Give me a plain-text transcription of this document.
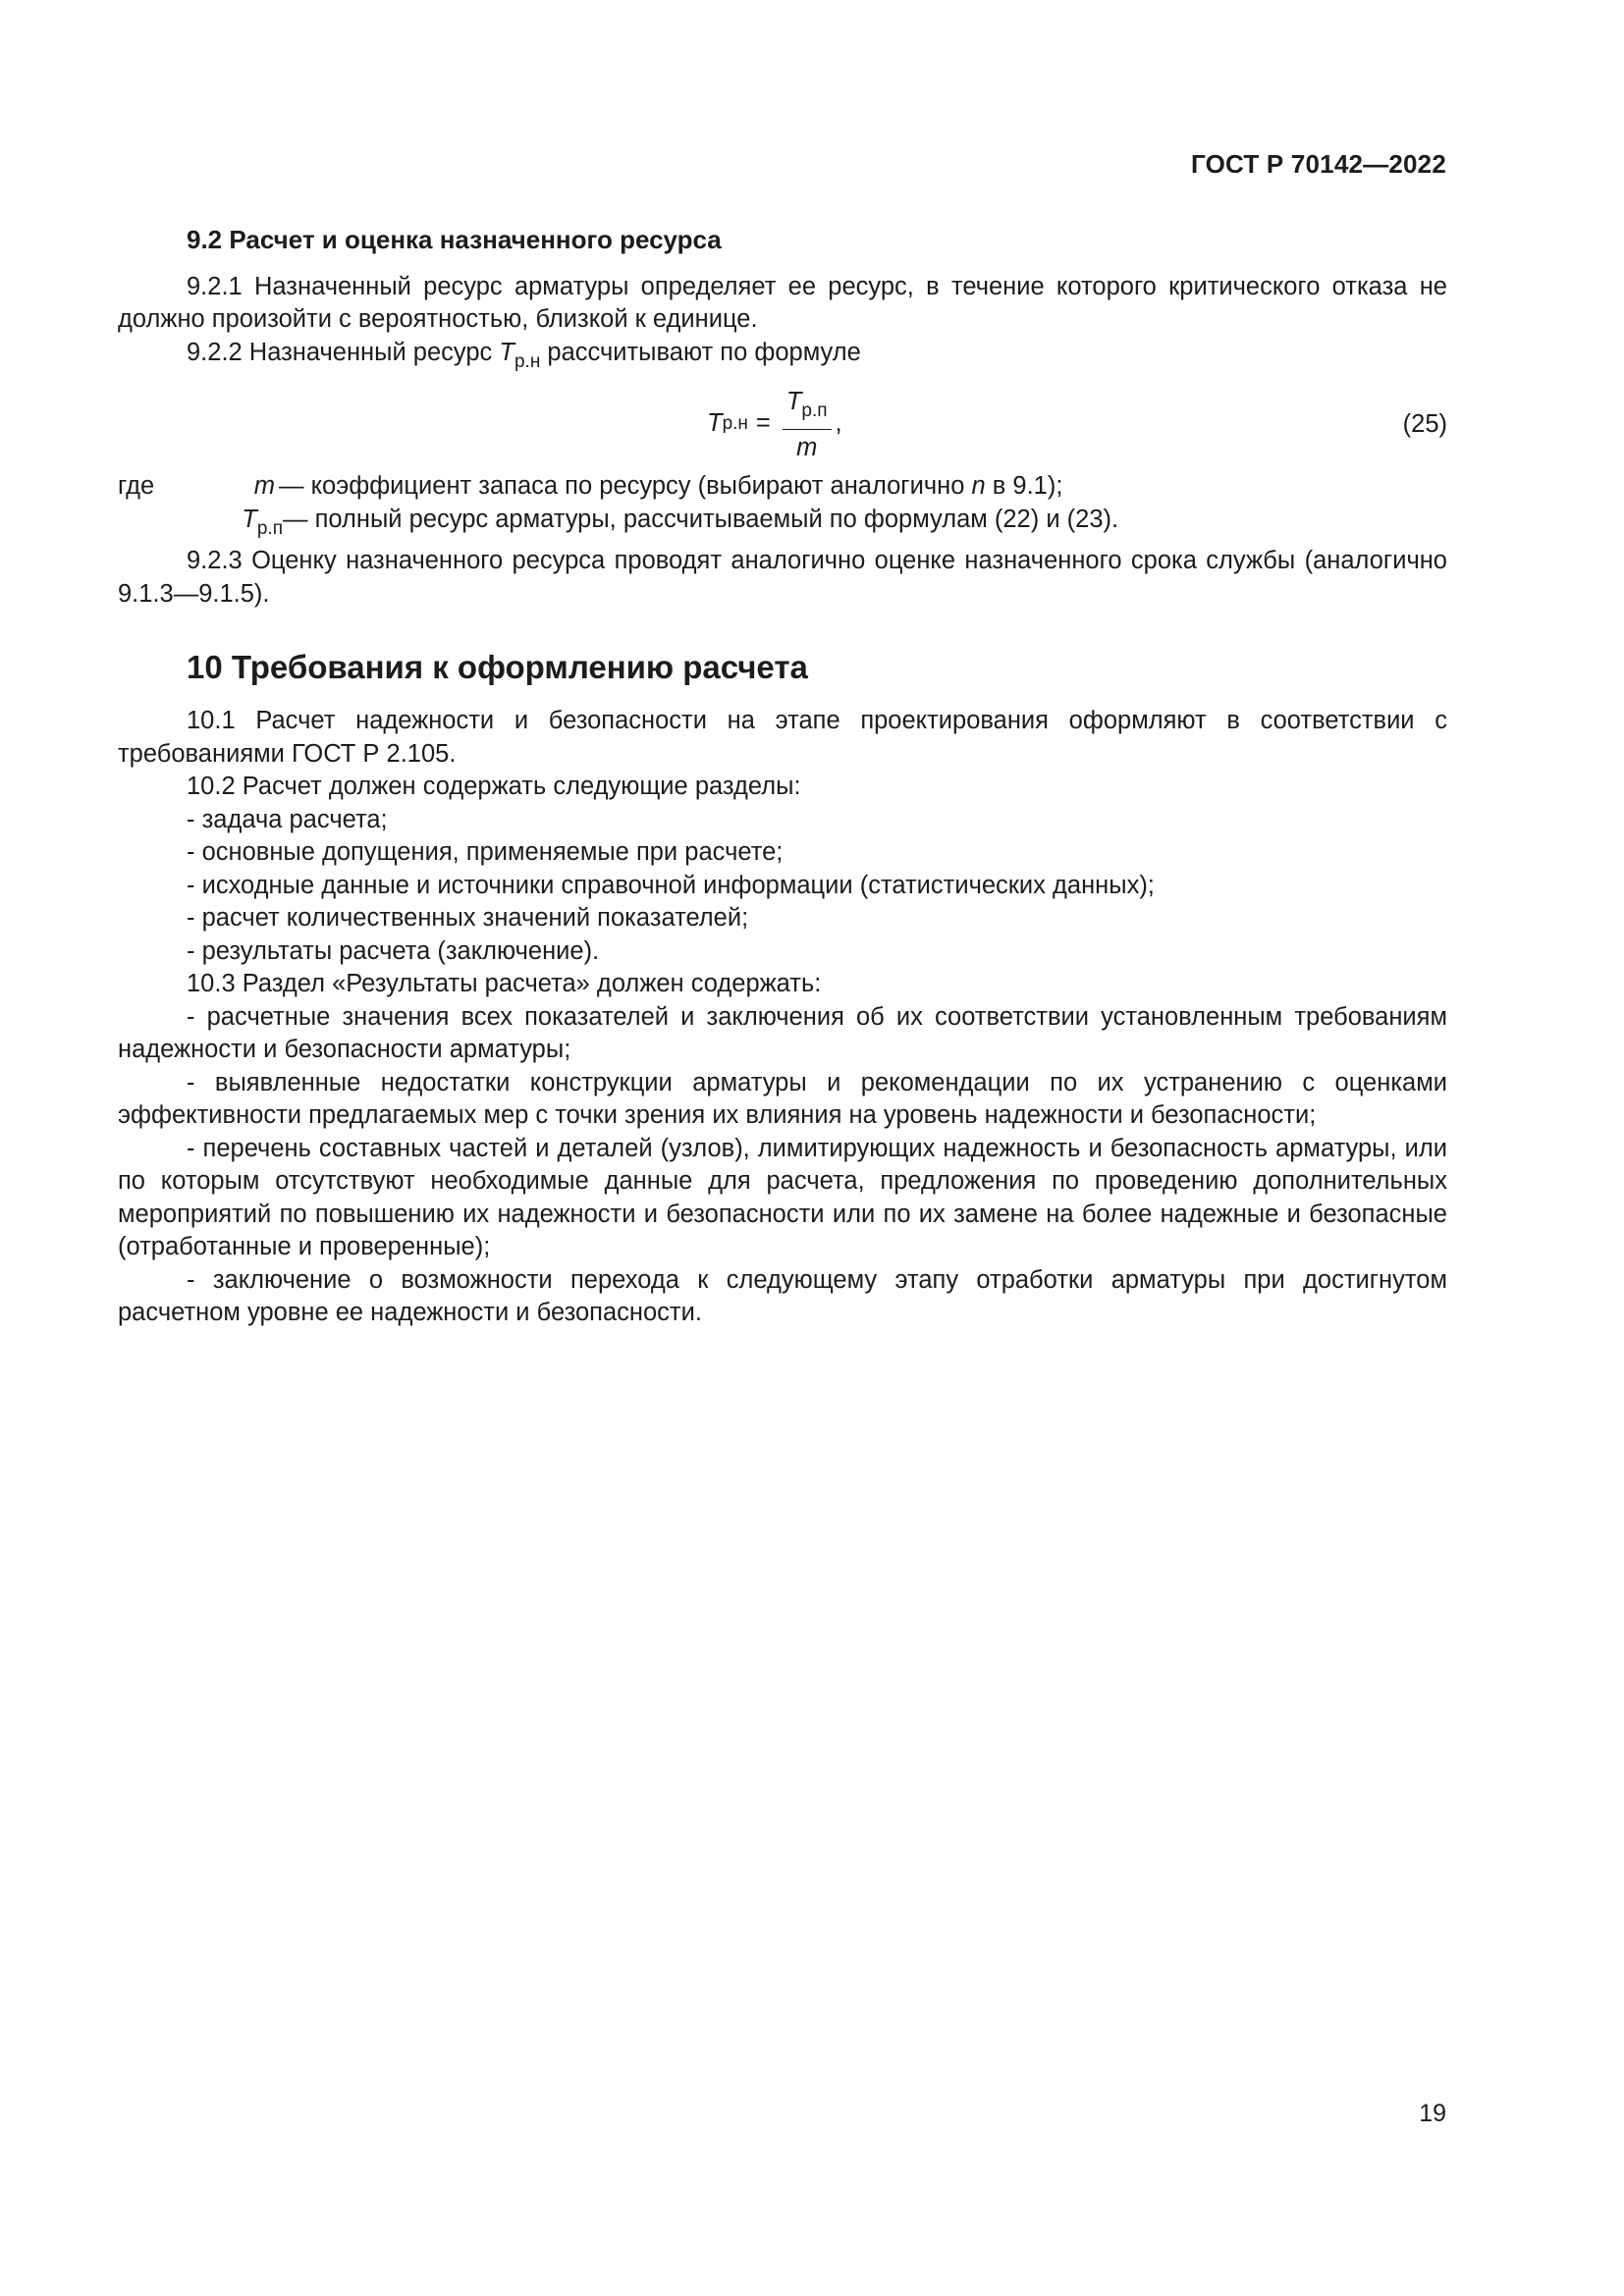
ГОСТ Р 70142—2022
9.2 Расчет и оценка назначенного ресурса

9.2.1 Назначенный ресурс арматуры определяет ее ресурс, в течение которого критического отказа не должно произойти с вероятностью, близкой к единице.

9.2.2 Назначенный ресурс $T_{р.н}$ рассчитывают по формуле

T $р.н = \frac{T_{р.п}}{m}$ ,	(25)
где	m — коэффициент запаса по ресурсу (выбирают аналогично n в 9.1);
$T_{р.п}$ — полный ресурс арматуры, рассчитываемый по формулам (22) и (23).

9.2.3 Оценку назначенного ресурса проводят аналогично оценке назначенного срока службы (аналогично 9.1.3—9.1.5).

10 Требования к оформлению расчета

10.1 Расчет надежности и безопасности на этапе проектирования оформляют в соответствии с требованиями ГОСТ Р 2.105.

10.2 Расчет должен содержать следующие разделы:

- задача расчета;

- основные допущения, применяемые при расчете;

- исходные данные и источники справочной информации (статистических данных);

- расчет количественных значений показателей;

- результаты расчета (заключение).

10.3 Раздел «Результаты расчета» должен содержать:

- расчетные значения всех показателей и заключения об их соответствии установленным требованиям надежности и безопасности арматуры;

- выявленные недостатки конструкции арматуры и рекомендации по их устранению с оценками эффективности предлагаемых мер с точки зрения их влияния на уровень надежности и безопасности;

- перечень составных частей и деталей (узлов), лимитирующих надежность и безопасность арматуры, или по которым отсутствуют необходимые данные для расчета, предложения по проведению дополнительных мероприятий по повышению их надежности и безопасности или по их замене на более надежные и безопасные (отработанные и проверенные);

- заключение о возможности перехода к следующему этапу отработки арматуры при достигнутом расчетном уровне ее надежности и безопасности.

19
